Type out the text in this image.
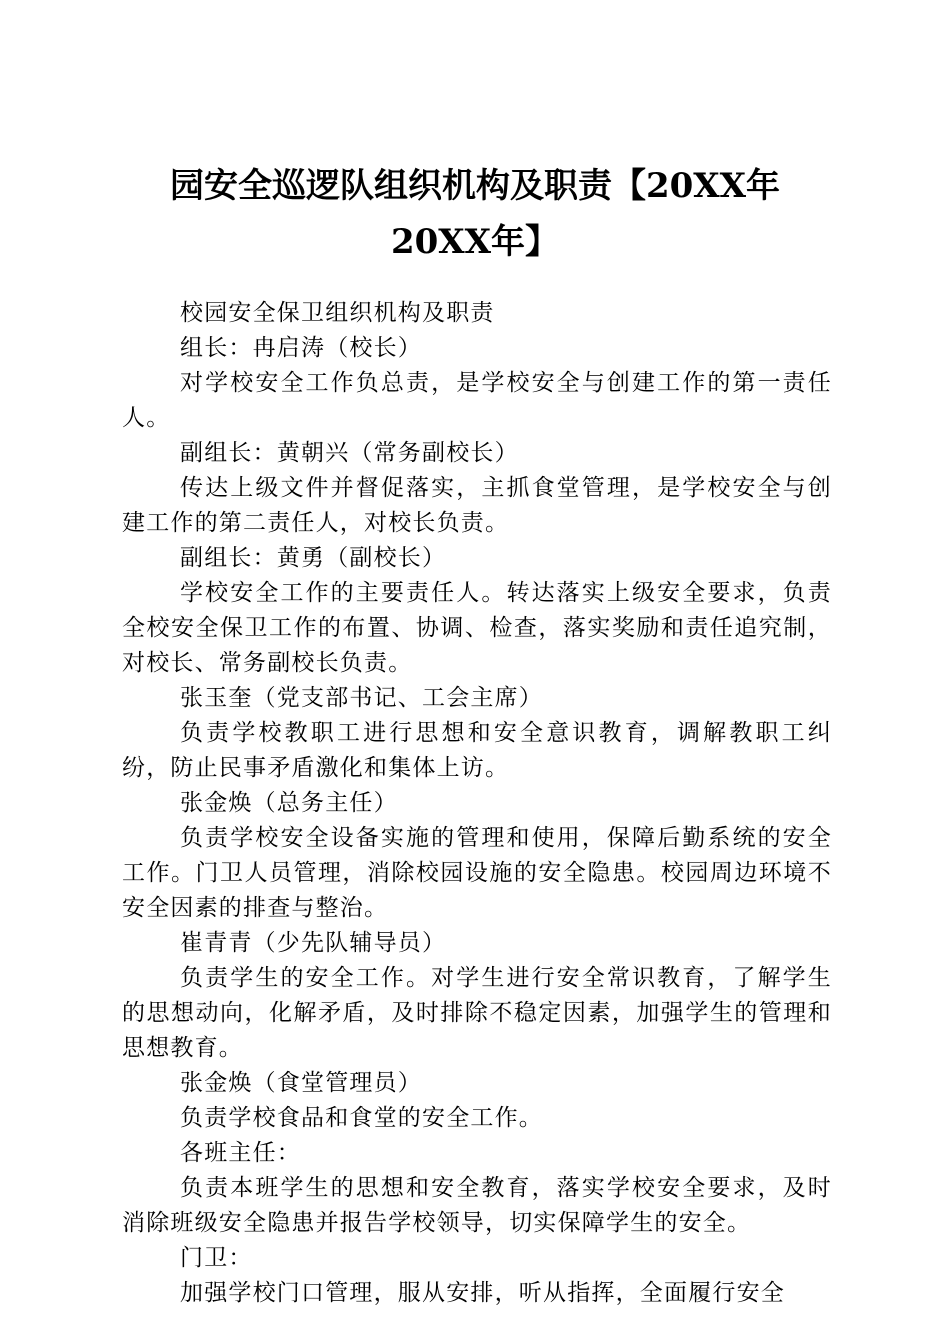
园安全巡逻队组织机构及职责【20XX年20XX年】

校园安全保卫组织机构及职责

组长：冉启涛（校长）

对学校安全工作负总责，是学校安全与创建工作的第一责任人。

副组长：黄朝兴（常务副校长）

传达上级文件并督促落实，主抓食堂管理，是学校安全与创建工作的第二责任人，对校长负责。

副组长：黄勇（副校长）

学校安全工作的主要责任人。转达落实上级安全要求，负责全校安全保卫工作的布置、协调、检查，落实奖励和责任追究制，对校长、常务副校长负责。

张玉奎（党支部书记、工会主席）

负责学校教职工进行思想和安全意识教育，调解教职工纠纷，防止民事矛盾激化和集体上访。

张金焕（总务主任）

负责学校安全设备实施的管理和使用，保障后勤系统的安全工作。门卫人员管理，消除校园设施的安全隐患。校园周边环境不安全因素的排查与整治。

崔青青（少先队辅导员）

负责学生的安全工作。对学生进行安全常识教育，了解学生的思想动向，化解矛盾，及时排除不稳定因素，加强学生的管理和思想教育。

张金焕（食堂管理员）

负责学校食品和食堂的安全工作。

各班主任：

负责本班学生的思想和安全教育，落实学校安全要求，及时消除班级安全隐患并报告学校领导，切实保障学生的安全。

门卫：

加强学校门口管理，服从安排，听从指挥，全面履行安全
